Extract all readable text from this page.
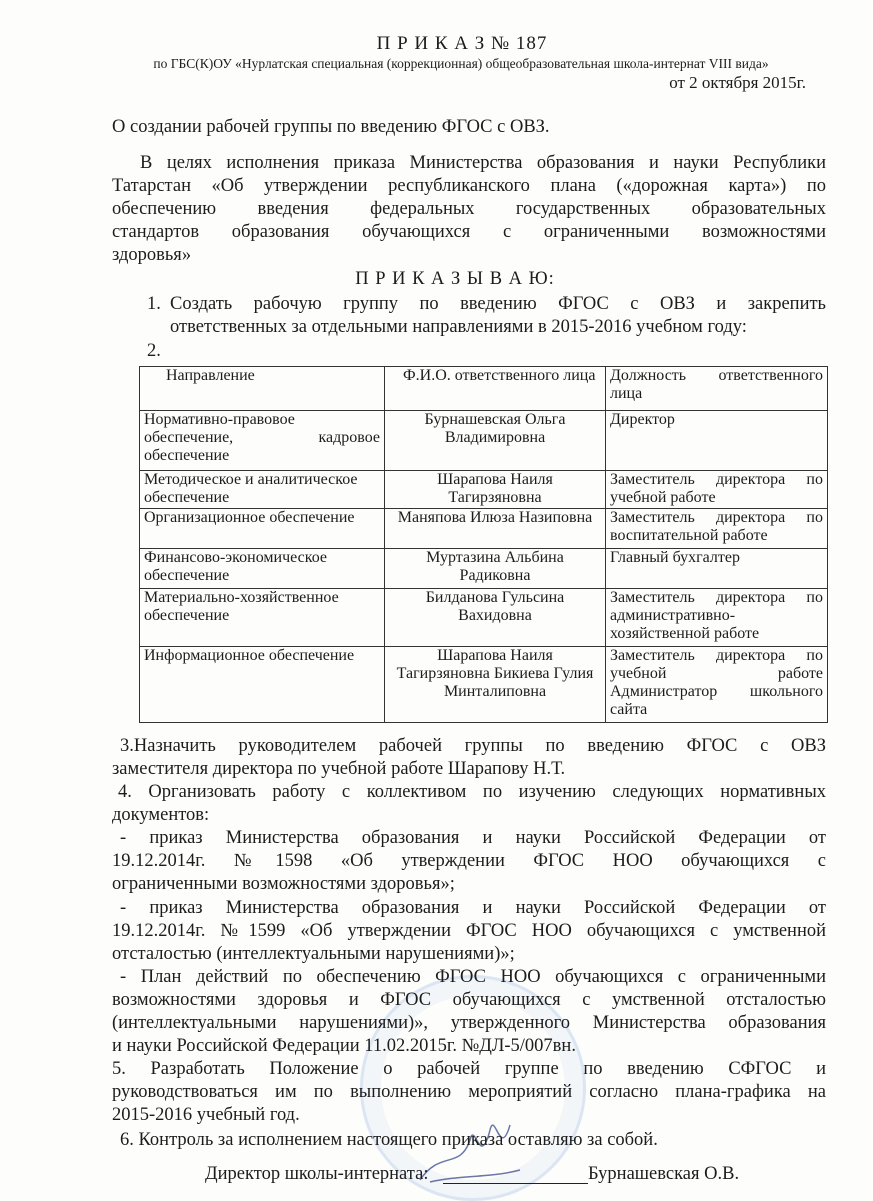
П Р И К А З № 187
по ГБС(К)ОУ «Нурлатская специальная (коррекционная) общеобразовательная школа-интернат VIII вида»
от 2 октября 2015г.
О создании рабочей группы по введению ФГОС с ОВЗ.
В целях исполнения приказа Министерства образования и науки Республики
Татарстан «Об утверждении республиканского плана («дорожная карта») по
обеспечению введения федеральных государственных образовательных
стандартов образования обучающихся с ограниченными возможностями
здоровья»
П Р И К А З Ы В А Ю:
1. Создать рабочую группу по введению ФГОС с ОВЗ и закрепить
ответственных за отдельными направлениями в 2015-2016 учебном году:
2.
Направление	Ф.И.О. ответственного лица	Должность ответственного лица
Нормативно-правовое обеспечение, кадровое обеспечение	Бурнашевская Ольга Владимировна	Директор
Методическое и аналитическое обеспечение	Шарапова Наиля Тагирзяновна	Заместитель директора по учебной работе
Организационное обеспечение	Маняпова Илюза Назиповна	Заместитель директора по воспитательной работе
Финансово-экономическое обеспечение	Муртазина Альбина Радиковна	Главный бухгалтер
Материально-хозяйственное обеспечение	Билданова Гульсина Вахидовна	Заместитель директора по административно-хозяйственной работе
Информационное обеспечение	Шарапова Наиля Тагирзяновна Бикиева Гулия Минталиповна	Заместитель директора по учебной работе Администратор школьного сайта
3.Назначить руководителем рабочей группы по введению ФГОС с ОВЗ
заместителя директора по учебной работе Шарапову Н.Т.
4. Организовать работу с коллективом по изучению следующих нормативных
документов:
- приказ Министерства образования и науки Российской Федерации от
19.12.2014г. №1598 «Об утверждении ФГОС НОО обучающихся с
ограниченными возможностями здоровья»;
- приказ Министерства образования и науки Российской Федерации от
19.12.2014г. №1599 «Об утверждении ФГОС НОО обучающихся с умственной
отсталостью (интеллектуальными нарушениями)»;
- План действий по обеспечению ФГОС НОО обучающихся с ограниченными
возможностями здоровья и ФГОС обучающихся с умственной отсталостью
(интеллектуальными нарушениями)», утвержденного Министерства образования
и науки Российской Федерации 11.02.2015г. №ДЛ-5/007вн.
5. Разработать Положение о рабочей группе по введению СФГОС и
руководствоваться им по выполнению мероприятий согласно плана-графика на
2015-2016 учебный год.
6. Контроль за исполнением настоящего приказа оставляю за собой.
Директор школы-интерната:	Бурнашевская О.В.
